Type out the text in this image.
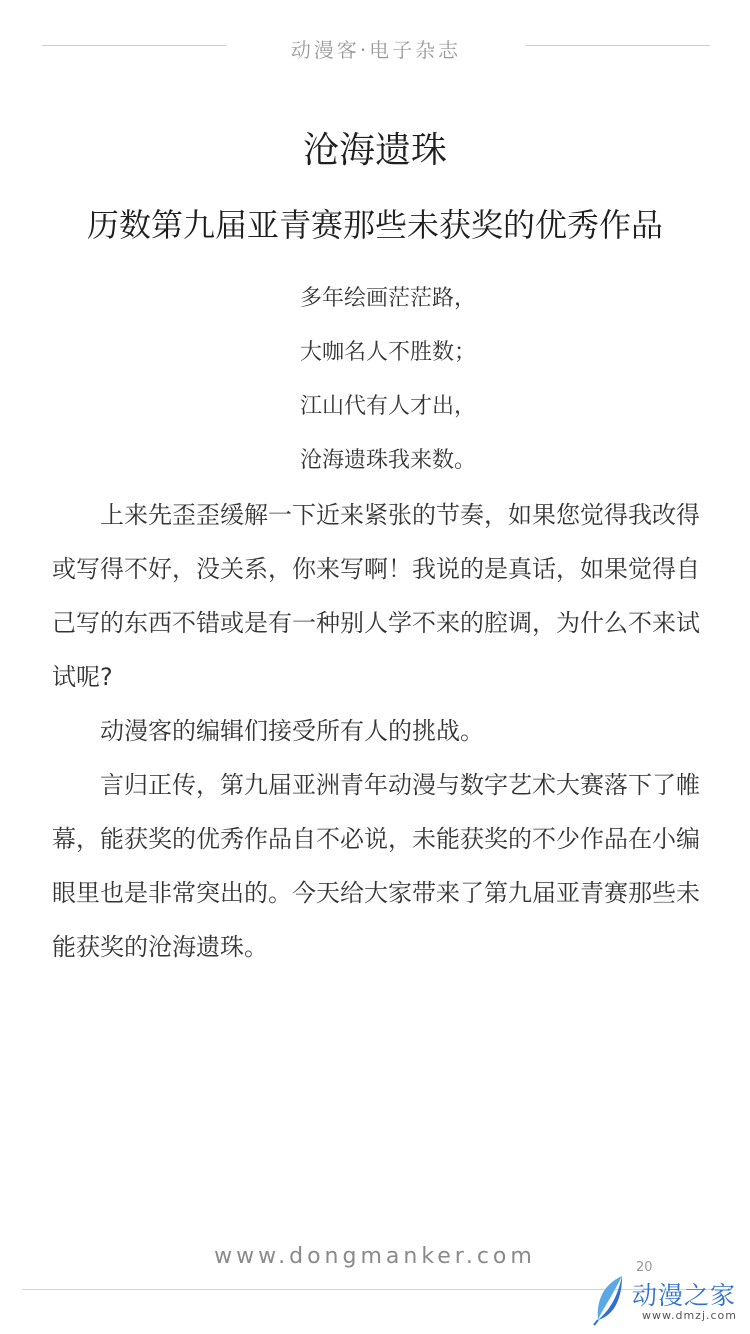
动漫客·电子杂志
沧海遗珠
历数第九届亚青赛那些未获奖的优秀作品
多年绘画茫茫路，
大咖名人不胜数；
江山代有人才出，
沧海遗珠我来数。

上来先歪歪缓解一下近来紧张的节奏，如果您觉得我改得或写得不好，没关系，你来写啊！我说的是真话，如果觉得自己写的东西不错或是有一种别人学不来的腔调，为什么不来试试呢?

动漫客的编辑们接受所有人的挑战。

言归正传，第九届亚洲青年动漫与数字艺术大赛落下了帷幕，能获奖的优秀作品自不必说，未能获奖的不少作品在小编眼里也是非常突出的。今天给大家带来了第九届亚青赛那些未能获奖的沧海遗珠。

www.dongmanker.com	20
动漫之家
www.dmzj.com
